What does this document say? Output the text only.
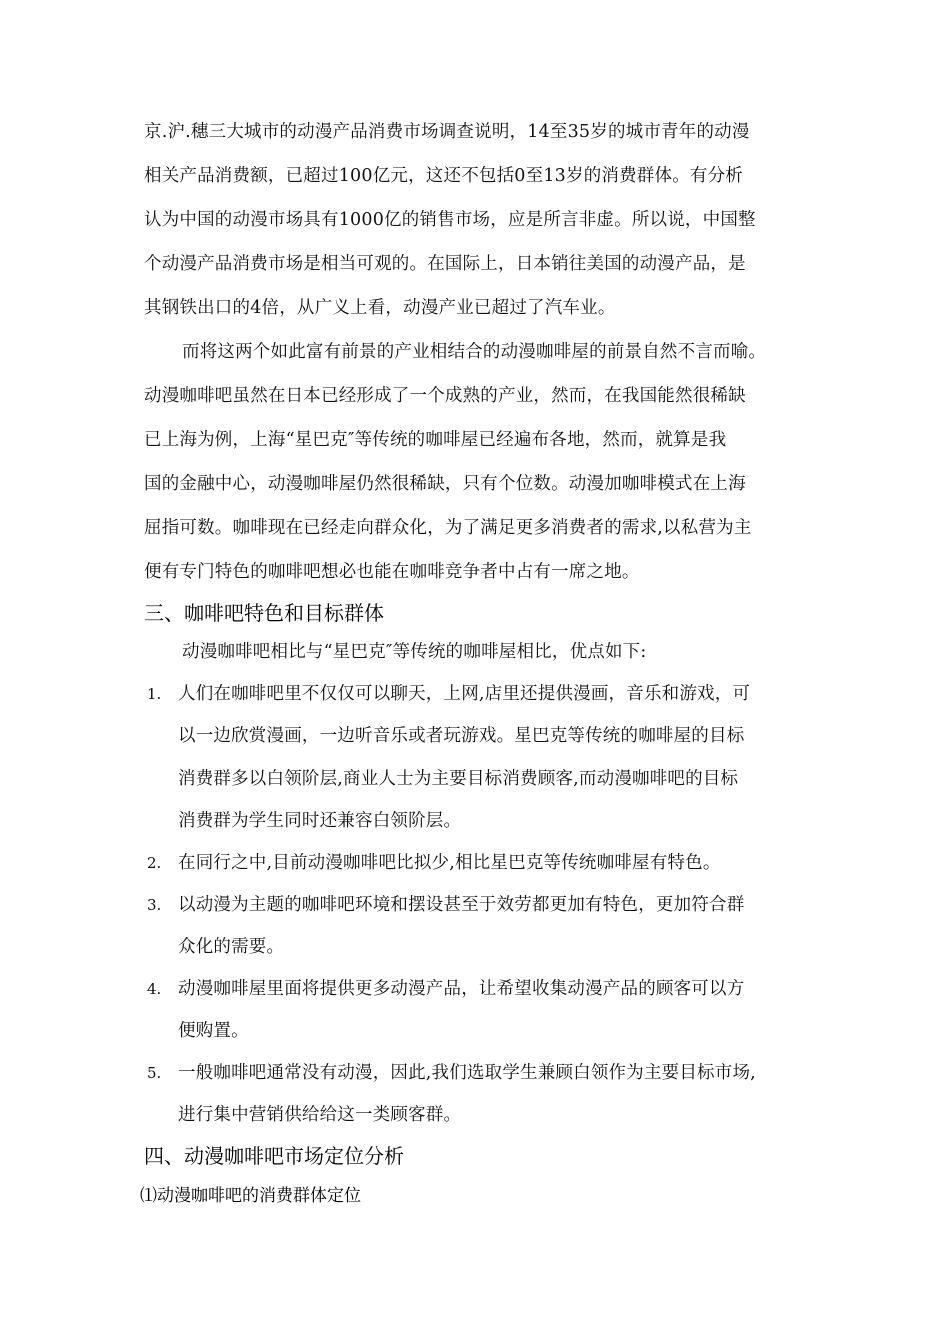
京.沪.穗三大城市的动漫产品消费市场调查说明，14至35岁的城市青年的动漫
相关产品消费额，已超过100亿元，这还不包括0至13岁的消费群体。有分析
认为中国的动漫市场具有1000亿的销售市场，应是所言非虚。所以说，中国整
个动漫产品消费市场是相当可观的。在国际上，日本销往美国的动漫产品，是
其钢铁出口的4倍，从广义上看，动漫产业已超过了汽车业。
而将这两个如此富有前景的产业相结合的动漫咖啡屋的前景自然不言而喻。
动漫咖啡吧虽然在日本已经形成了一个成熟的产业，然而，在我国能然很稀缺
已上海为例，上海“星巴克″等传统的咖啡屋已经遍布各地，然而，就算是我
国的金融中心，动漫咖啡屋仍然很稀缺，只有个位数。动漫加咖啡模式在上海
屈指可数。咖啡现在已经走向群众化，为了满足更多消费者的需求,以私营为主
便有专门特色的咖啡吧想必也能在咖啡竞争者中占有一席之地。
三、咖啡吧特色和目标群体
动漫咖啡吧相比与“星巴克″等传统的咖啡屋相比，优点如下:
1. 人们在咖啡吧里不仅仅可以聊天，上网,店里还提供漫画，音乐和游戏，可
以一边欣赏漫画，一边听音乐或者玩游戏。星巴克等传统的咖啡屋的目标
消费群多以白领阶层,商业人士为主要目标消费顾客,而动漫咖啡吧的目标
消费群为学生同时还兼容白领阶层。
2. 在同行之中,目前动漫咖啡吧比拟少,相比星巴克等传统咖啡屋有特色。
3. 以动漫为主题的咖啡吧环境和摆设甚至于效劳都更加有特色，更加符合群
众化的需要。
4. 动漫咖啡屋里面将提供更多动漫产品，让希望收集动漫产品的顾客可以方
便购置。
5. 一般咖啡吧通常没有动漫，因此,我们选取学生兼顾白领作为主要目标市场,
进行集中营销供给给这一类顾客群。
四、动漫咖啡吧市场定位分析
⑴动漫咖啡吧的消费群体定位
